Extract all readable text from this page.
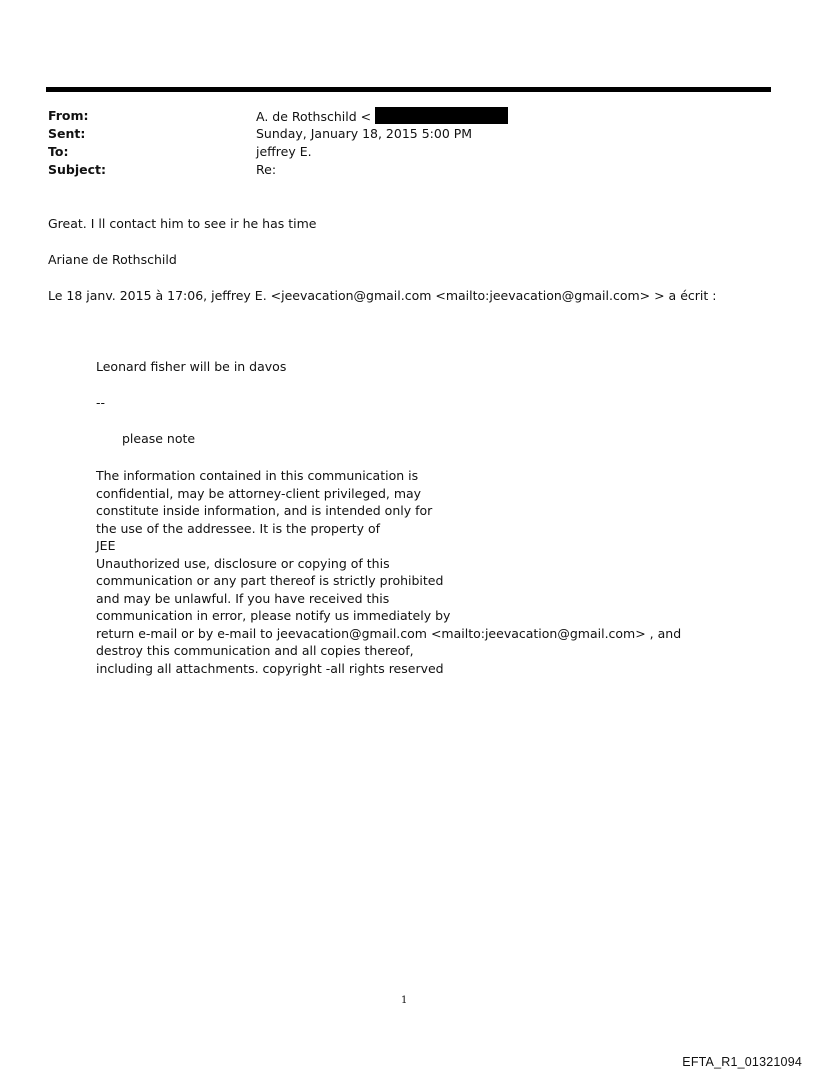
From:	A. de Rothschild <
Sent:	Sunday, January 18, 2015 5:00 PM
To:	jeffrey E.
Subject:	Re:
Great. I ll contact him to see ir he has time
Ariane de Rothschild
Le 18 janv. 2015 à 17:06, jeffrey E. <jeevacation@gmail.com <mailto:jeevacation@gmail.com> > a écrit :
Leonard fisher will be in davos
--
please note
The information contained in this communication is
confidential, may be attorney-client privileged, may
constitute inside information, and is intended only for
the use of the addressee. It is the property of
JEE
Unauthorized use, disclosure or copying of this
communication or any part thereof is strictly prohibited
and may be unlawful. If you have received this
communication in error, please notify us immediately by
return e-mail or by e-mail to jeevacation@gmail.com <mailto:jeevacation@gmail.com> , and
destroy this communication and all copies thereof,
including all attachments. copyright -all rights reserved
1
EFTA_R1_01321094
